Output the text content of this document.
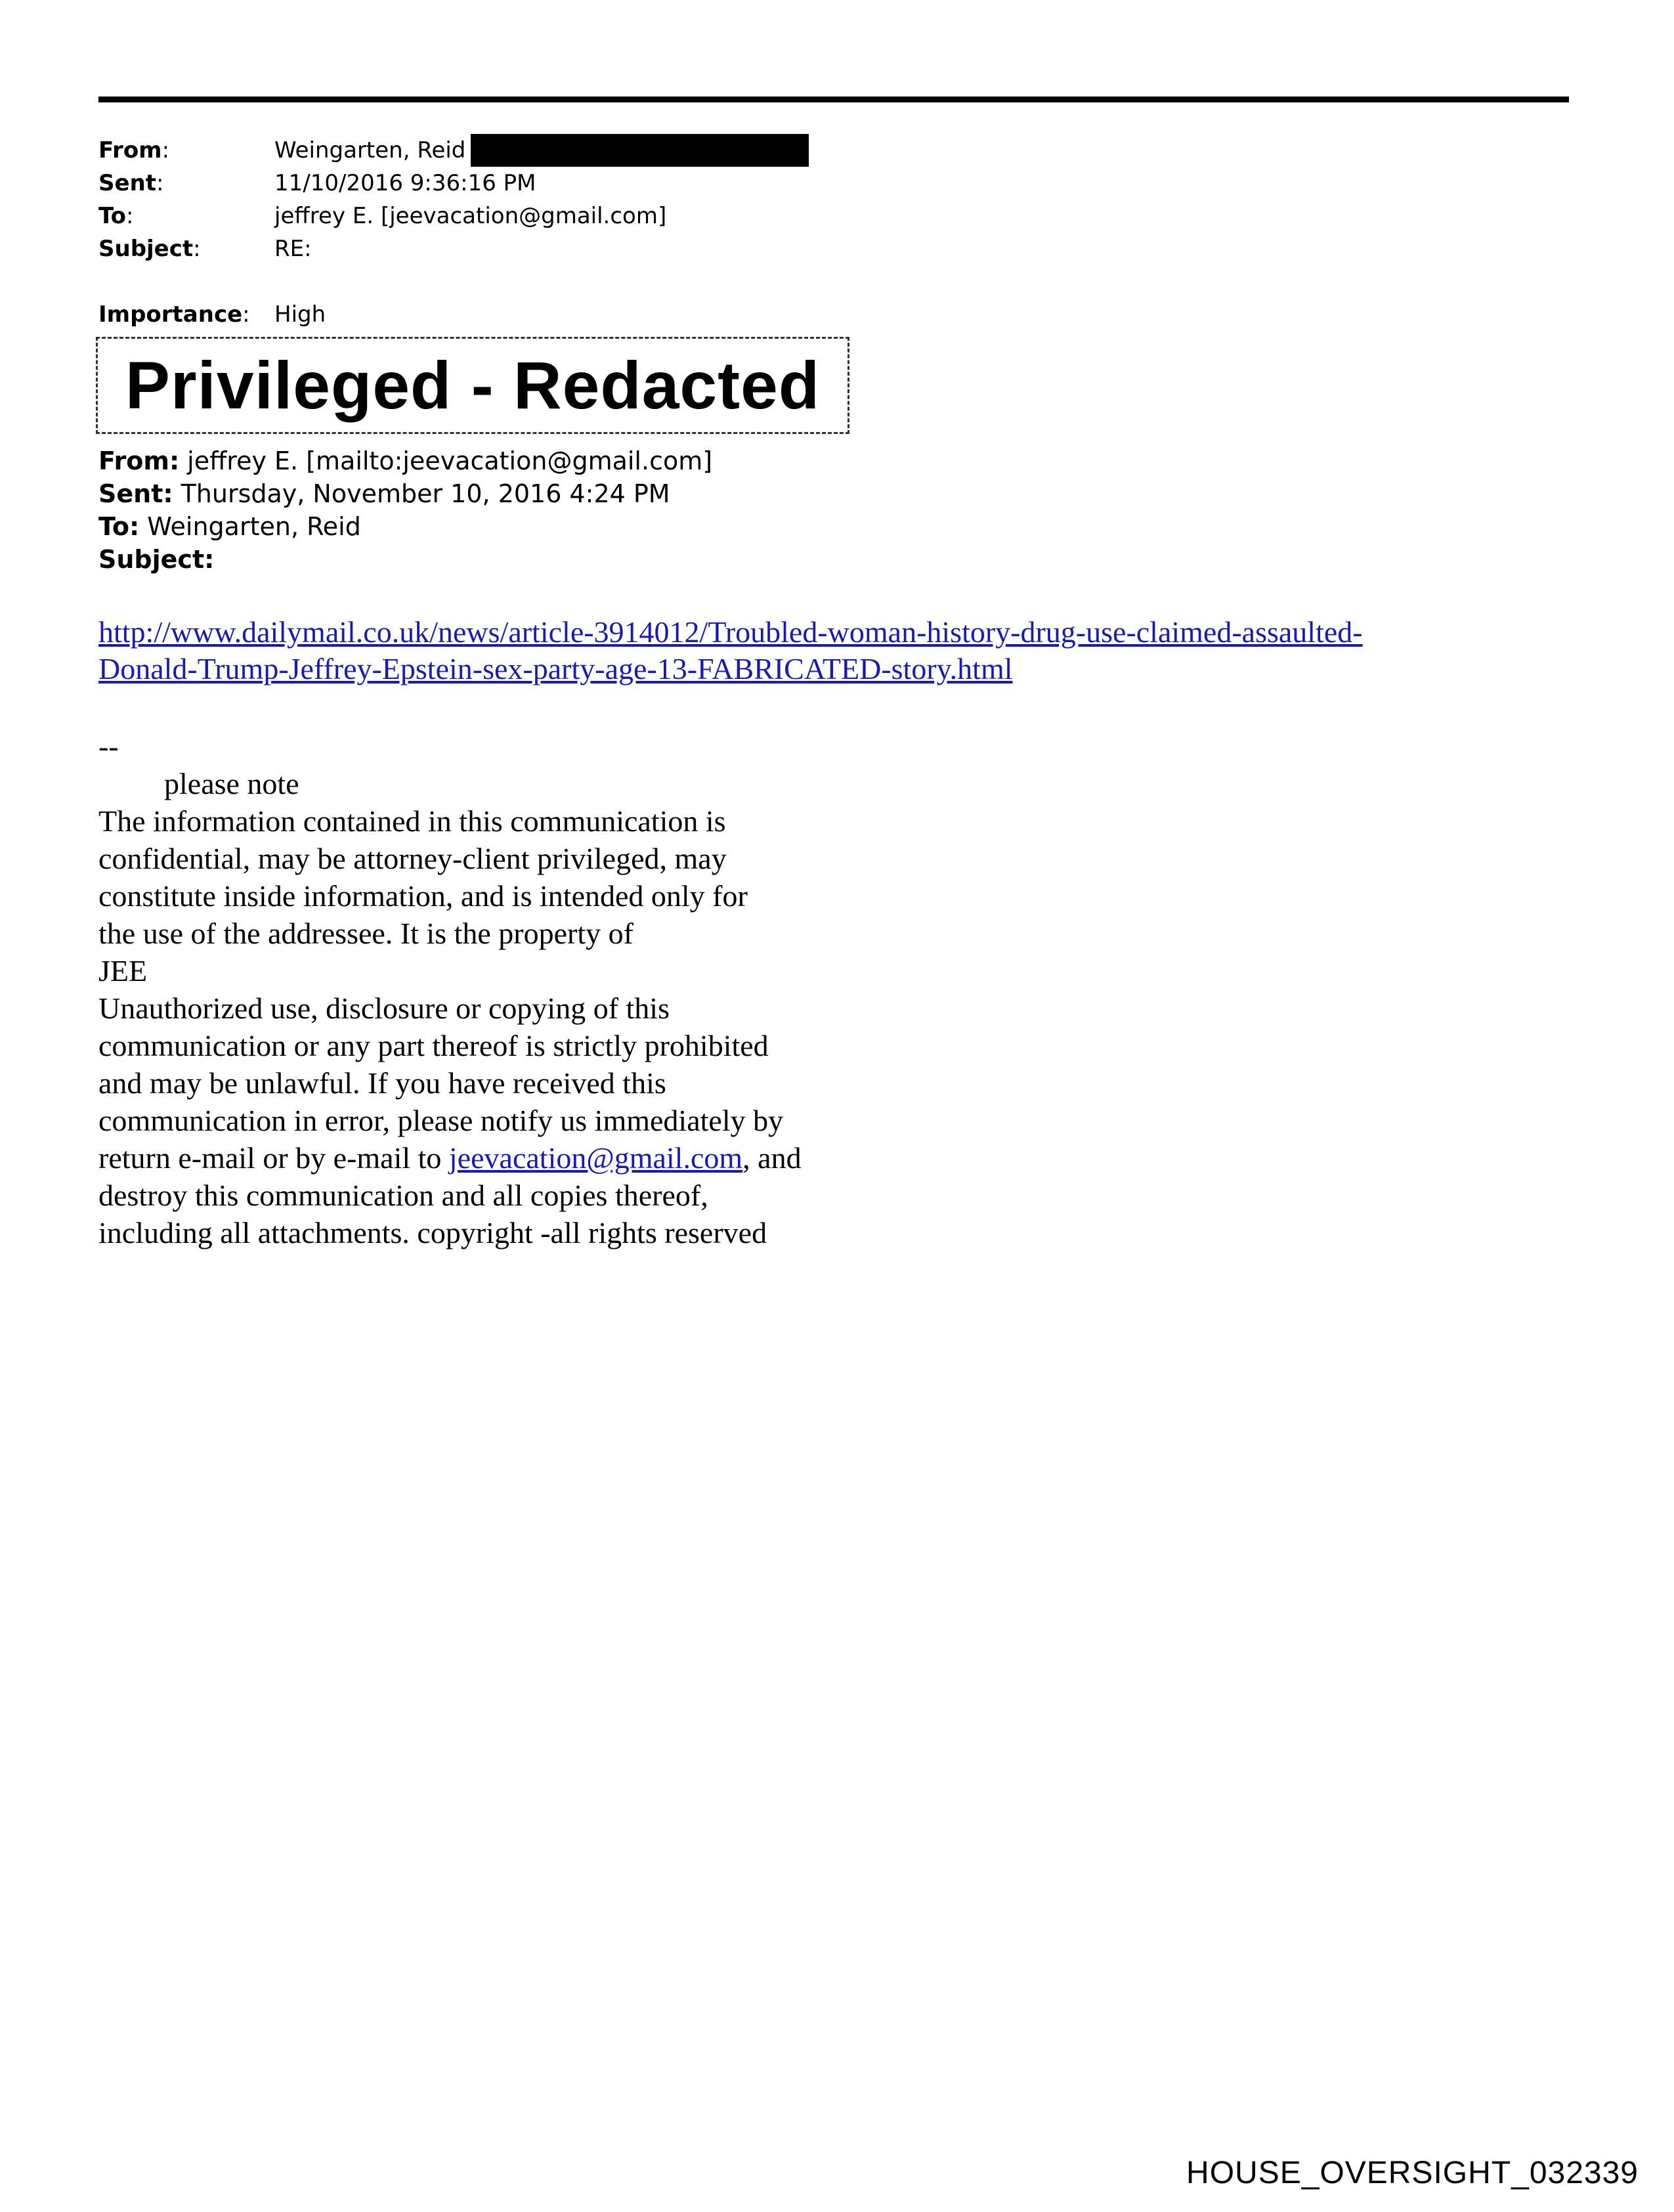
From:	Weingarten, Reid
Sent:	11/10/2016 9:36:16 PM
To:	jeffrey E. [jeevacation@gmail.com]
Subject:	RE:
Importance:	High
Privileged - Redacted
From: jeffrey E. [mailto:jeevacation@gmail.com]
Sent: Thursday, November 10, 2016 4:24 PM
To: Weingarten, Reid
Subject:
http://www.dailymail.co.uk/news/article-3914012/Troubled-woman-history-drug-use-claimed-assaulted-
Donald-Trump-Jeffrey-Epstein-sex-party-age-13-FABRICATED-story.html
--
please note
The information contained in this communication is
confidential, may be attorney-client privileged, may
constitute inside information, and is intended only for
the use of the addressee. It is the property of
JEE
Unauthorized use, disclosure or copying of this
communication or any part thereof is strictly prohibited
and may be unlawful. If you have received this
communication in error, please notify us immediately by
return e-mail or by e-mail to jeevacation@gmail.com, and
destroy this communication and all copies thereof,
including all attachments. copyright -all rights reserved
HOUSE_OVERSIGHT_032339
